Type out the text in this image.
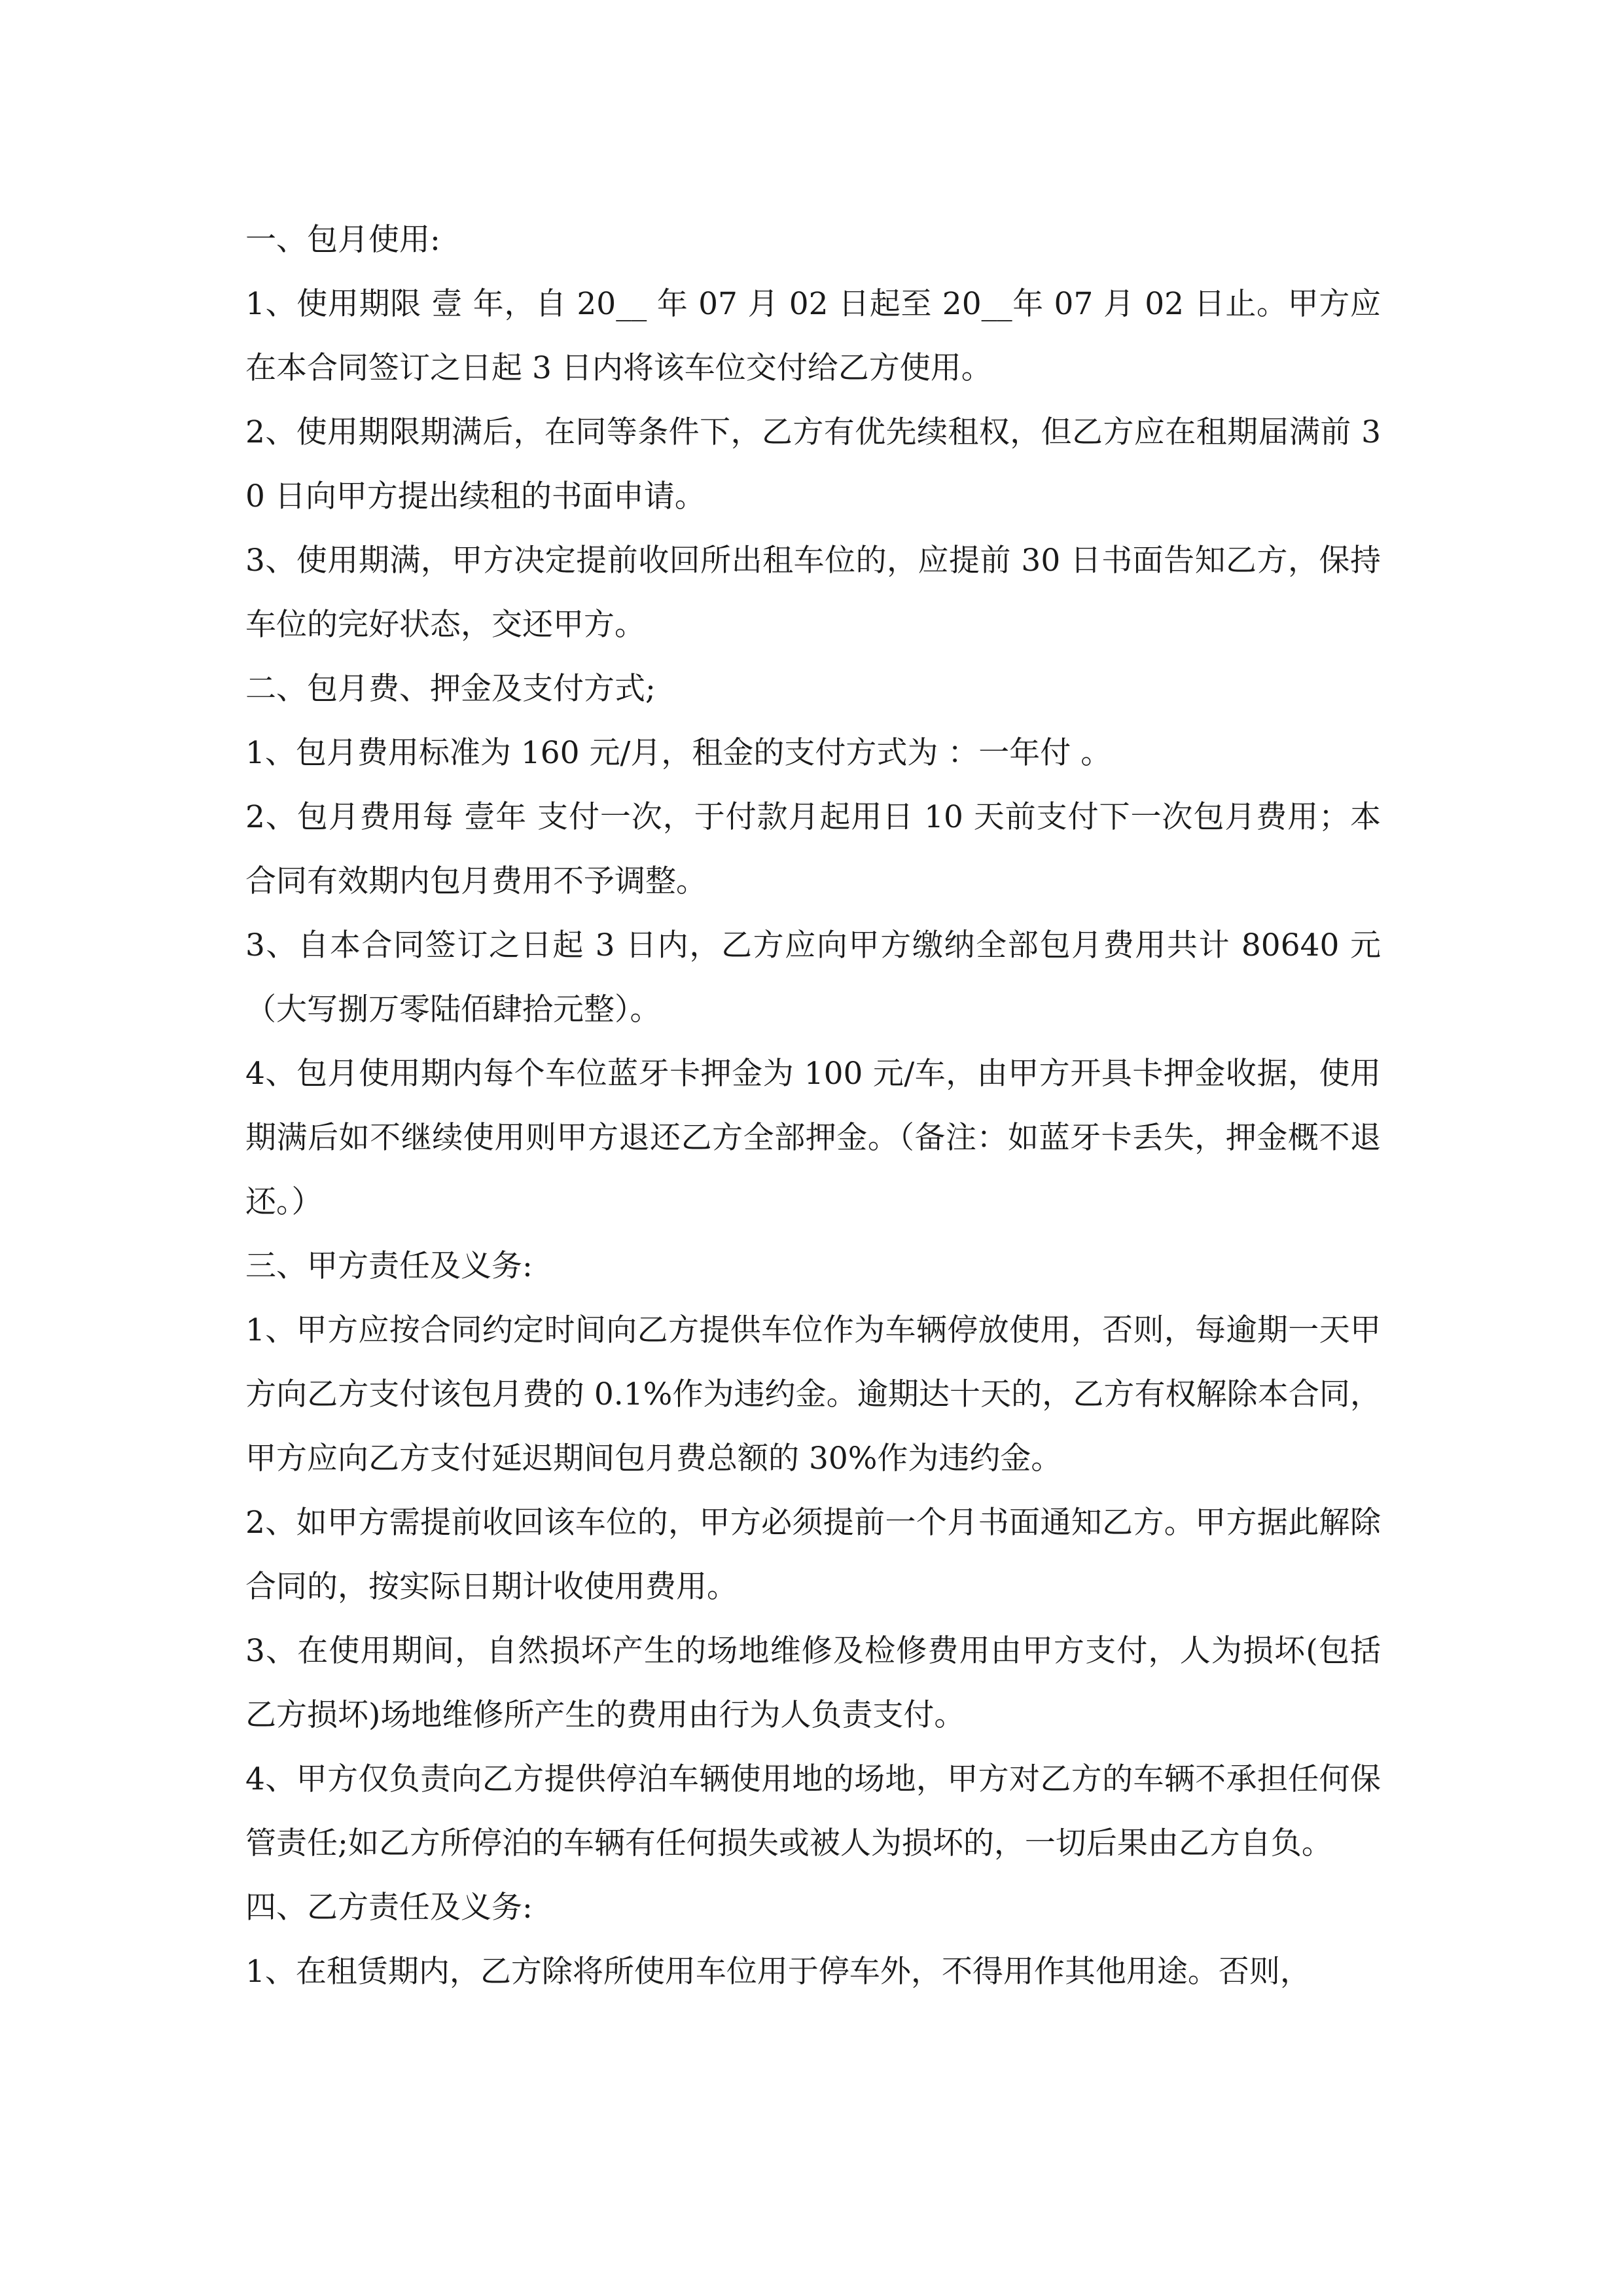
一、包月使用:

1、使用期限 壹 年，自 20__ 年 07 月 02 日起至 20__年 07 月 02 日止。甲方应在本合同签订之日起 3 日内将该车位交付给乙方使用。

2、使用期限期满后，在同等条件下，乙方有优先续租权，但乙方应在租期届满前 30 日向甲方提出续租的书面申请。

3、使用期满，甲方决定提前收回所出租车位的，应提前 30 日书面告知乙方，保持车位的完好状态，交还甲方。

二、包月费、押金及支付方式;

1、包月费用标准为 160 元/月，租金的支付方式为 ：一年付 。

2、包月费用每 壹年 支付一次，于付款月起用日 10 天前支付下一次包月费用；本合同有效期内包月费用不予调整。

3、自本合同签订之日起 3 日内，乙方应向甲方缴纳全部包月费用共计 80640 元（大写捌万零陆佰肆拾元整）。

4、包月使用期内每个车位蓝牙卡押金为 100 元/车，由甲方开具卡押金收据，使用期满后如不继续使用则甲方退还乙方全部押金。（备注：如蓝牙卡丢失，押金概不退还。）

三、甲方责任及义务:

1、甲方应按合同约定时间向乙方提供车位作为车辆停放使用，否则，每逾期一天甲方向乙方支付该包月费的 0.1%作为违约金。逾期达十天的，乙方有权解除本合同，甲方应向乙方支付延迟期间包月费总额的 30%作为违约金。

2、如甲方需提前收回该车位的，甲方必须提前一个月书面通知乙方。甲方据此解除合同的，按实际日期计收使用费用。

3、在使用期间，自然损坏产生的场地维修及检修费用由甲方支付，人为损坏(包括乙方损坏)场地维修所产生的费用由行为人负责支付。

4、甲方仅负责向乙方提供停泊车辆使用地的场地，甲方对乙方的车辆不承担任何保管责任;如乙方所停泊的车辆有任何损失或被人为损坏的，一切后果由乙方自负。

四、乙方责任及义务:

1、在租赁期内，乙方除将所使用车位用于停车外，不得用作其他用途。否则，
